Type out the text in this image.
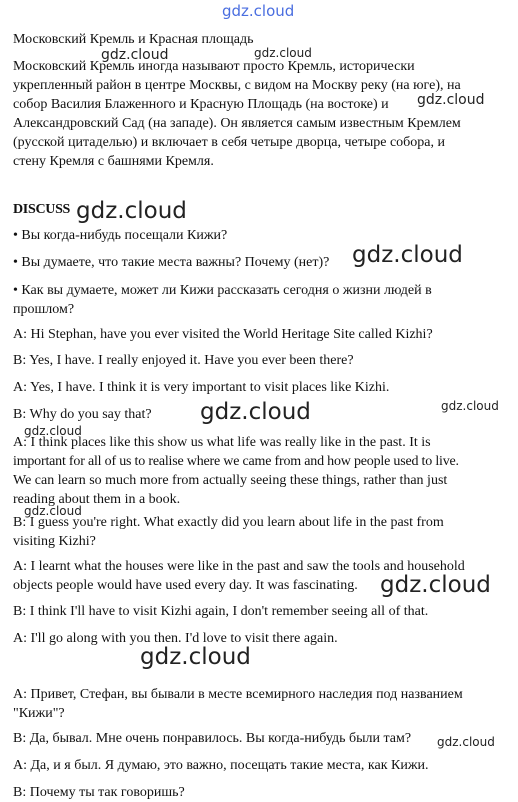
Московский Кремль и Красная площадь

Московский Кремль иногда называют просто Кремль, исторически
укрепленный район в центре Москвы, с видом на Москву реку (на юге), на
собор Василия Блаженного и Красную Площадь (на востоке) и
Александровский Сад (на западе). Он является самым известным Кремлем
(русской цитаделью) и включает в себя четыре дворца, четыре собора, и
стену Кремля с башнями Кремля.

DISCUSS

• Вы когда-нибудь посещали Кижи?

• Вы думаете, что такие места важны? Почему (нет)?

• Как вы думаете, может ли Кижи рассказать сегодня о жизни людей в
прошлом?

A: Hi Stephan, have you ever visited the World Heritage Site called Kizhi?

B: Yes, I have. I really enjoyed it. Have you ever been there?

A: Yes, I have. I think it is very important to visit places like Kizhi.

B: Why do you say that?

A: I think places like this show us what life was really like in the past. It is
important for all of us to realise where we came from and how people used to live.
We can learn so much more from actually seeing these things, rather than just
reading about them in a book.
B: I guess you're right. What exactly did you learn about life in the past from
visiting Kizhi?
A: I learnt what the houses were like in the past and saw the tools and household
objects people would have used every day. It was fascinating.

B: I think I'll have to visit Kizhi again, I don't remember seeing all of that.

A: I'll go along with you then. I'd love to visit there again.

А: Привет, Стефан, вы бывали в месте всемирного наследия под названием
"Кижи"?

В: Да, бывал. Мне очень понравилось. Вы когда-нибудь были там?

А: Да, и я был. Я думаю, это важно, посещать такие места, как Кижи.

В: Почему ты так говоришь?

gdz.cloud
gdz.cloud	gdz.cloud
gdz.cloud
gdz.cloud
gdz.cloud
gdz.cloud	gdz.cloud
gdz.cloud
gdz.cloud
gdz.cloud
gdz.cloud
gdz.cloud
